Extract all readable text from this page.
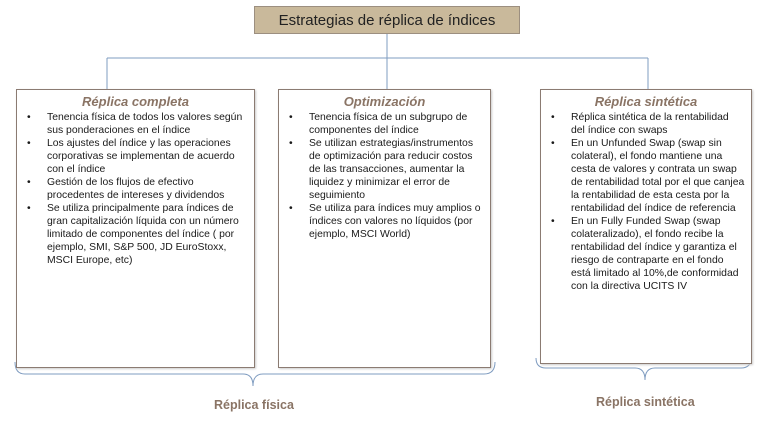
Estrategias de réplica de índices
Réplica completa
• Tenencia física de todos los valores según sus ponderaciones en el índice
• Los ajustes del índice y las operaciones corporativas se implementan de acuerdo con el índice
• Gestión de los flujos de efectivo procedentes de intereses y dividendos
• Se utiliza principalmente para índices de gran capitalización líquida con un número limitado de componentes del índice ( por ejemplo, SMI, S&P 500, JD EuroStoxx, MSCI Europe, etc)
Optimización
• Tenencia física de un subgrupo de componentes del índice
• Se utilizan estrategias/instrumentos de optimización para reducir costos de las transacciones, aumentar la liquidez y minimizar el error de seguimiento
• Se utiliza para índices muy amplios o índices con valores no líquidos (por ejemplo, MSCI World)
Réplica sintética
• Réplica sintética de la rentabilidad del índice con swaps
• En un Unfunded Swap (swap sin colateral), el fondo mantiene una cesta de valores y contrata un swap de rentabilidad total por el que canjea la rentabilidad de esta cesta por la rentabilidad del índice de referencia
• En un Fully Funded Swap (swap colateralizado), el fondo recibe la rentabilidad del índice y garantiza el riesgo de contraparte en el fondo está limitado al 10%,de conformidad con la directiva UCITS IV
Réplica física	Réplica sintética
